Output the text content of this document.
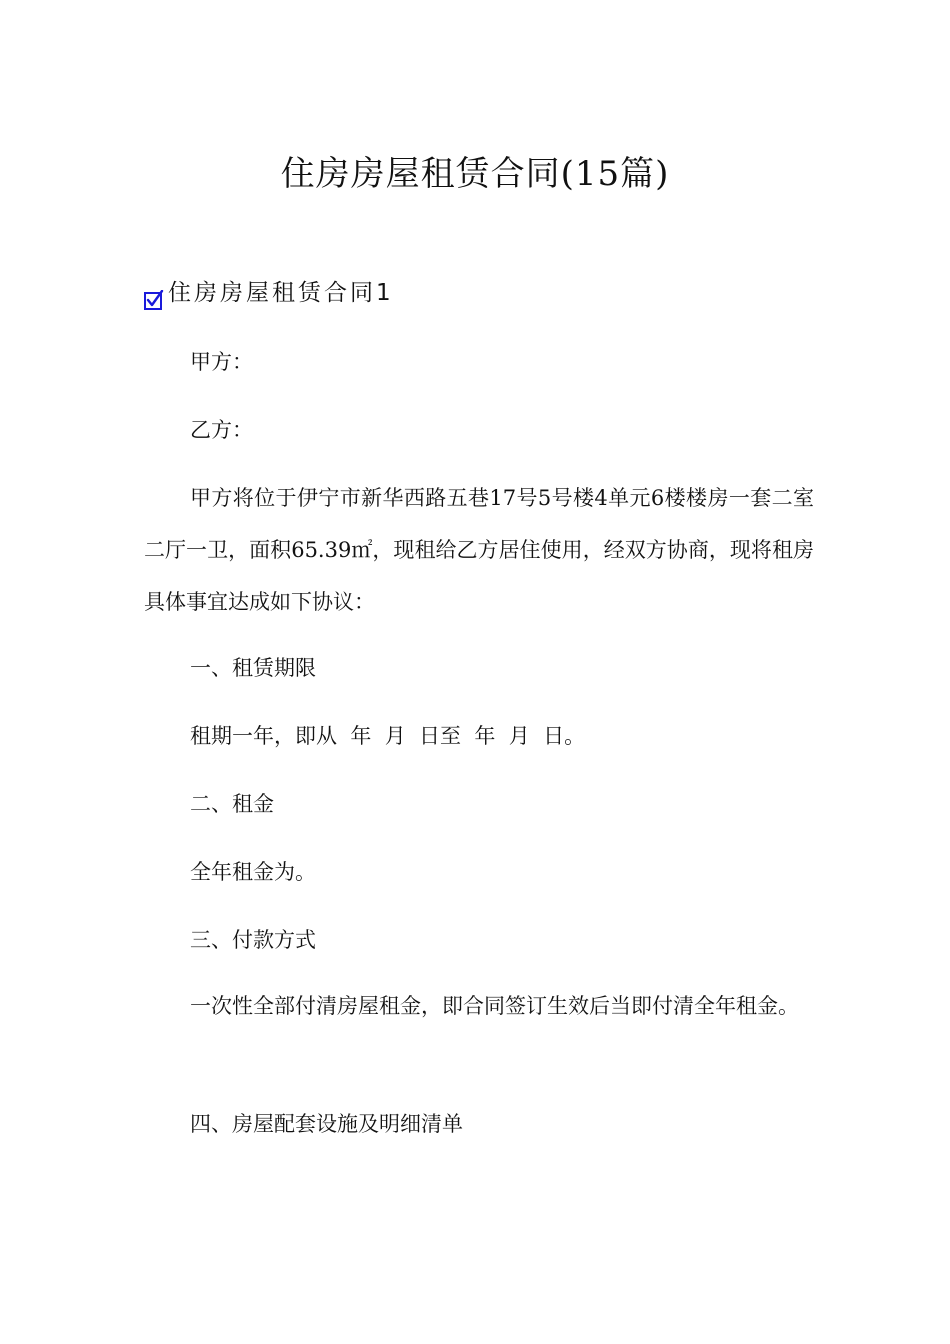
住房房屋租赁合同(15篇)
住房房屋租赁合同1

甲方：

乙方：

甲方将位于伊宁市新华西路五巷17号5号楼4单元6楼楼房一套二室二厅一卫，面积65.39㎡，现租给乙方居住使用，经双方协商，现将租房具体事宜达成如下协议：

一、租赁期限

租期一年，即从  年  月  日至  年  月  日。

二、租金

全年租金为。

三、付款方式

一次性全部付清房屋租金，即合同签订生效后当即付清全年租金。

四、房屋配套设施及明细清单
